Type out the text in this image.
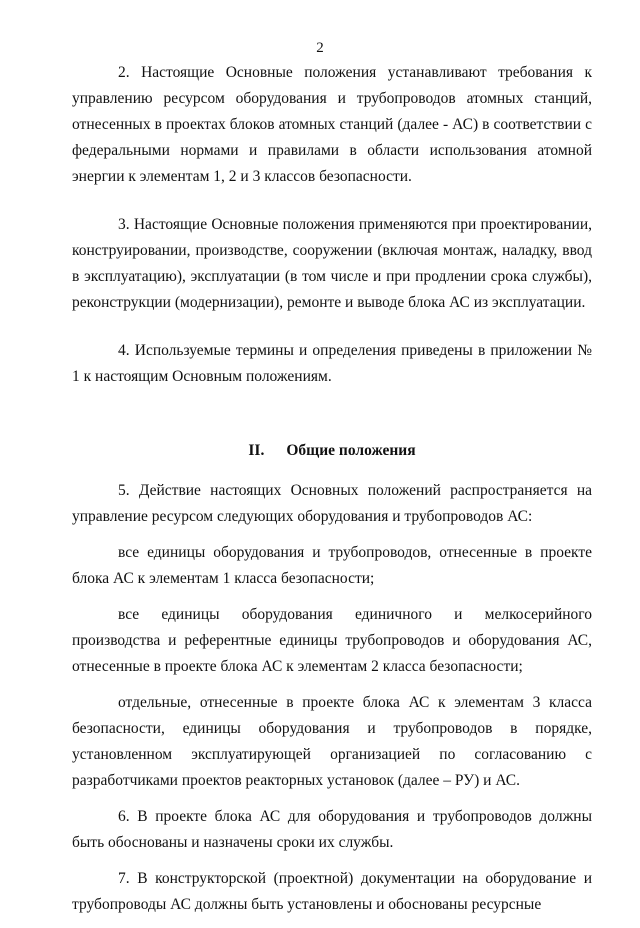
2

2. Настоящие Основные положения устанавливают требования к управлению ресурсом оборудования и трубопроводов атомных станций, отнесенных в проектах блоков атомных станций (далее - АС) в соответствии с федеральными нормами и правилами в области использования атомной энергии к элементам 1, 2 и 3 классов безопасности.

3. Настоящие Основные положения применяются при проектировании, конструировании, производстве, сооружении (включая монтаж, наладку, ввод в эксплуатацию), эксплуатации (в том числе и при продлении срока службы), реконструкции (модернизации), ремонте и выводе блока АС из эксплуатации.

4. Используемые термины и определения приведены в приложении № 1 к настоящим Основным положениям.

II. Общие положения

5. Действие настоящих Основных положений распространяется на управление ресурсом следующих оборудования и трубопроводов АС:

все единицы оборудования и трубопроводов, отнесенные в проекте блока АС к элементам 1 класса безопасности;

все единицы оборудования единичного и мелкосерийного производства и референтные единицы трубопроводов и оборудования АС, отнесенные в проекте блока АС к элементам 2 класса безопасности;

отдельные, отнесенные в проекте блока АС к элементам 3 класса безопасности, единицы оборудования и трубопроводов в порядке, установленном эксплуатирующей организацией по согласованию с разработчиками проектов реакторных установок (далее – РУ) и АС.

6. В проекте блока АС для оборудования и трубопроводов должны быть обоснованы и назначены сроки их службы.

7. В конструкторской (проектной) документации на оборудование и трубопроводы АС должны быть установлены и обоснованы ресурсные
